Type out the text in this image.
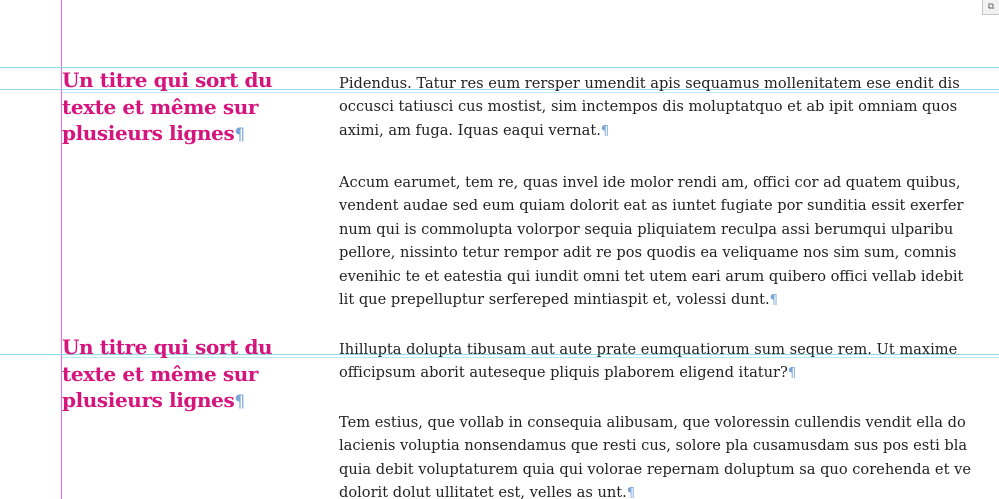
⧉
Un titre qui sort du
texte et même sur
plusieurs lignes¶
Un titre qui sort du
texte et même sur
plusieurs lignes¶

Pidendus. Tatur res eum rersper umendit apis sequamus mollenitatem ese endit dis
occusci tatiusci cus mostist, sim inctempos dis moluptatquo et ab ipit omniam quos
aximi, am fuga. Iquas eaqui vernat.¶

Accum earumet, tem re, quas invel ide molor rendi am, offici cor ad quatem quibus,
vendent audae sed eum quiam dolorit eat as iuntet fugiate por sunditia essit exerfer
num qui is commolupta volorpor sequia pliquiatem reculpa assi berumqui ulparibu
pellore, nissinto tetur rempor adit re pos quodis ea veliquame nos sim sum, comnis
evenihic te et eatestia qui iundit omni tet utem eari arum quibero offici vellab idebit
lit que prepelluptur serfereped mintiaspit et, volessi dunt.¶

Ihillupta dolupta tibusam aut aute prate eumquatiorum sum seque rem. Ut maxime
officipsum aborit auteseque pliquis plaborem eligend itatur?¶

Tem estius, que vollab in consequia alibusam, que voloressin cullendis vendit ella do
lacienis voluptia nonsendamus que resti cus, solore pla cusamusdam sus pos esti bla
quia debit voluptaturem quia qui volorae repernam doluptum sa quo corehenda et ve
dolorit dolut ullitatet est, velles as unt.¶
